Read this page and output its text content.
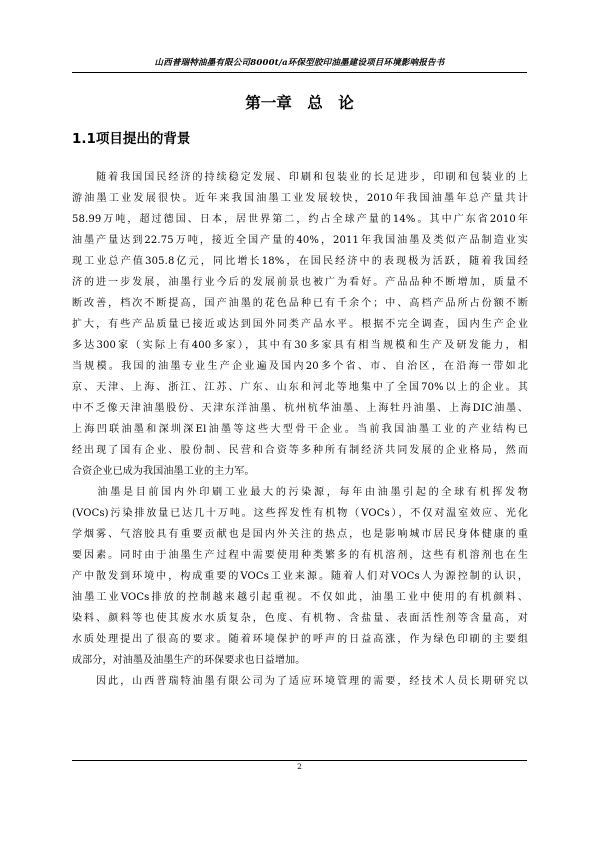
山西普瑞特油墨有限公司8000t/a环保型胶印油墨建设项目环境影响报告书
第一章　总　论
1.1项目提出的背景
　　随着我国国民经济的持续稳定发展、印刷和包装业的长足进步，印刷和包装业的上
游油墨工业发展很快。近年来我国油墨工业发展较快，2010年我国油墨年总产量共计
58.99万吨，超过德国、日本，居世界第二，约占全球产量的14%。其中广东省2010年
油墨产量达到22.75万吨，接近全国产量的40%，2011年我国油墨及类似产品制造业实
现工业总产值305.8亿元，同比增长18%，在国民经济中的表现极为活跃，随着我国经
济的进一步发展，油墨行业今后的发展前景也被广为看好。产品品种不断增加，质量不
断改善，档次不断提高，国产油墨的花色品种已有千余个；中、高档产品所占份额不断
扩大，有些产品质量已接近或达到国外同类产品水平。根据不完全调查，国内生产企业
多达300家（实际上有400多家），其中有30多家具有相当规模和生产及研发能力，相
当规模。我国的油墨专业生产企业遍及国内20多个省、市、自治区，在沿海一带如北
京、天津、上海、浙江、江苏、广东、山东和河北等地集中了全国70%以上的企业。其
中不乏像天津油墨股份、天津东洋油墨、杭州杭华油墨、上海牡丹油墨、上海DIC油墨、
上海凹联油墨和深圳深El油墨等这些大型骨干企业。当前我国油墨工业的产业结构已
经出现了国有企业、股份制、民营和合资等多种所有制经济共同发展的企业格局，然而
合资企业已成为我国油墨工业的主力军。
　　油墨是目前国内外印刷工业最大的污染源，每年由油墨引起的全球有机挥发物
(VOCs)污染排放量已达几十万吨。这些挥发性有机物（VOCs），不仅对温室效应、光化
学烟雾、气溶胶具有重要贡献也是国内外关注的热点，也是影响城市居民身体健康的重
要因素。同时由于油墨生产过程中需要使用种类繁多的有机溶剂，这些有机溶剂也在生
产中散发到环境中，构成重要的VOCs工业来源。随着人们对VOCs人为源控制的认识，
油墨工业VOCs排放的控制越来越引起重视。不仅如此，油墨工业中使用的有机颜料、
染料、颜料等也使其废水水质复杂，色度、有机物、含盐量、表面活性剂等含量高，对
水质处理提出了很高的要求。随着环境保护的呼声的日益高涨，作为绿色印刷的主要组
成部分，对油墨及油墨生产的环保要求也日益增加。
　　因此，山西普瑞特油墨有限公司为了适应环境管理的需要，经技术人员长期研究以
2
